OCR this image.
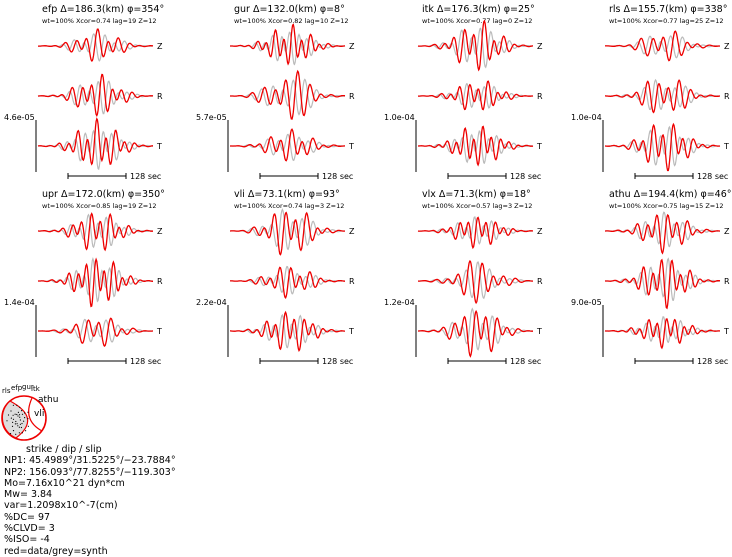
efp Δ=186.3(km) φ=354°
wt=100% Xcor=0.74 lag=19 Z=12
Z
R
T
4.6e-05
128 sec
gur Δ=132.0(km) φ=8°
wt=100% Xcor=0.82 lag=10 Z=12
Z
R
T
5.7e-05
128 sec
itk Δ=176.3(km) φ=25°
wt=100% Xcor=0.77 lag=0 Z=12
Z
R
T
1.0e-04
128 sec
rls Δ=155.7(km) φ=338°
wt=100% Xcor=0.77 lag=25 Z=12
Z
R
T
1.0e-04
128 sec
upr Δ=172.0(km) φ=350°
wt=100% Xcor=0.85 lag=19 Z=12
Z
R
T
1.4e-04
128 sec
vli Δ=73.1(km) φ=93°
wt=100% Xcor=0.74 lag=3 Z=12
Z
R
T
2.2e-04
128 sec
vlx Δ=71.3(km) φ=18°
wt=100% Xcor=0.57 lag=3 Z=12
Z
R
T
1.2e-04
128 sec
athu Δ=194.4(km) φ=46°
wt=100% Xcor=0.75 lag=15 Z=12
Z
R
T
9.0e-05
128 sec
rls efp gur
itk
athu
vli
strike / dip / slip
NP1: 45.4989°/31.5225°/−23.7884°
NP2: 156.093°/77.8255°/−119.303°
Mo=7.16x10^21 dyn*cm
Mw= 3.84
var=1.2098x10^-7(cm)
%DC= 97
%CLVD= 3
%ISO= -4
red=data/grey=synth
